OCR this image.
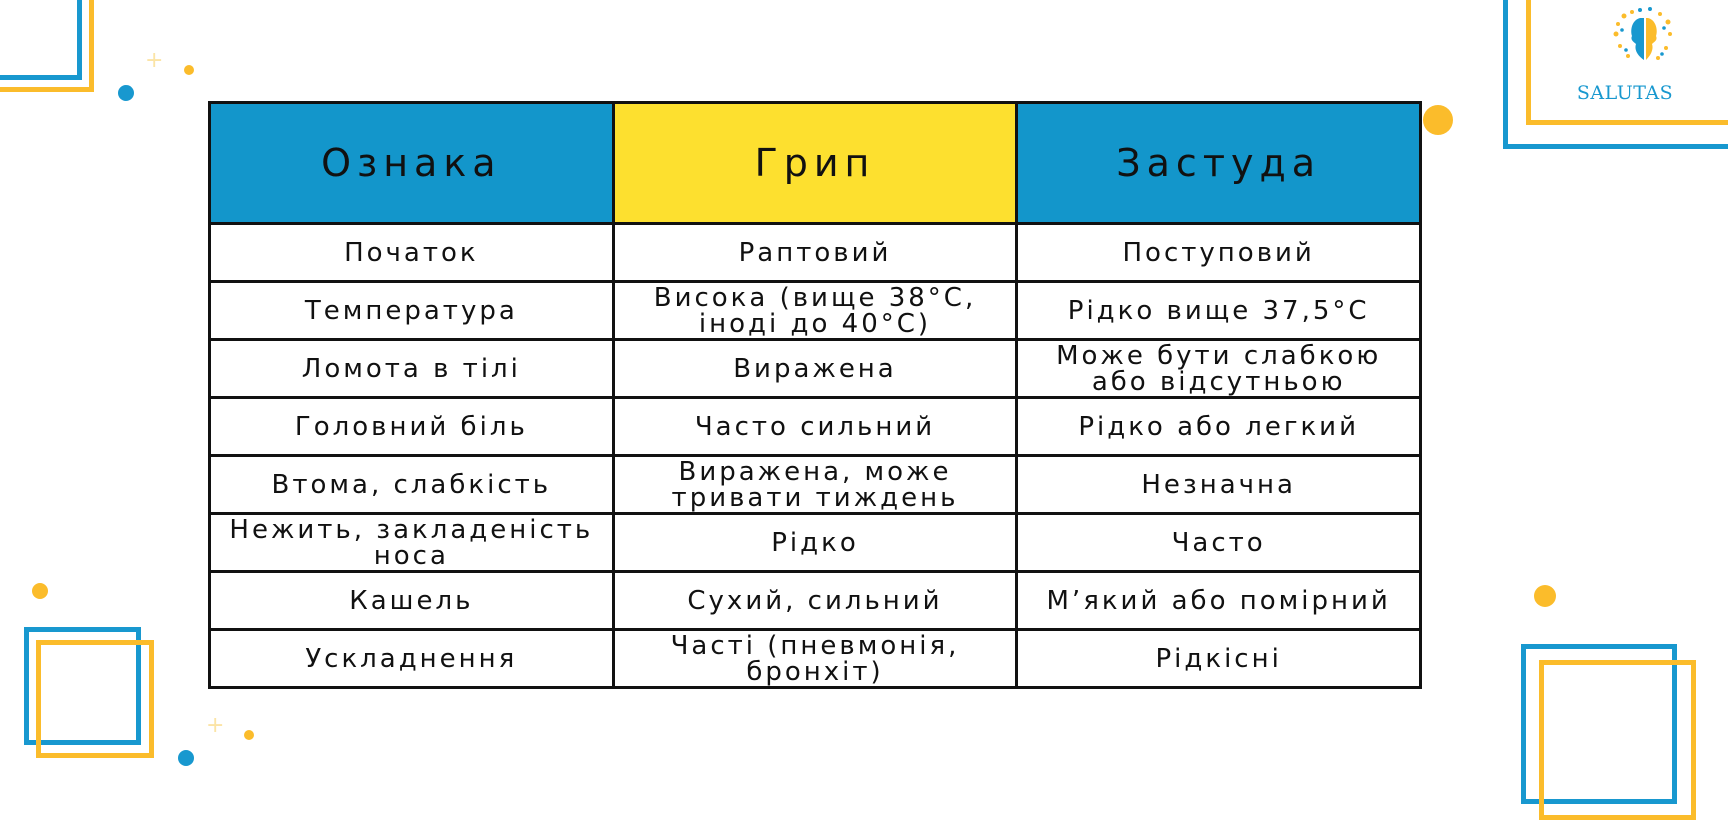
+
+
SALUTAS
Ознака	Грип	Застуда
Початок	Раптовий	Поступовий
Температура	Висока (вище 38°С, іноді до 40°С)	Рідко вище 37,5°С
Ломота в тілі	Виражена	Може бути слабкою або відсутньою
Головний біль	Часто сильний	Рідко або легкий
Втома, слабкість	Виражена, може тривати тиждень	Незначна
Нежить, закладеність носа	Рідко	Часто
Кашель	Сухий, сильний	М’який або помірний
Ускладнення	Часті (пневмонія, бронхіт)	Рідкісні
